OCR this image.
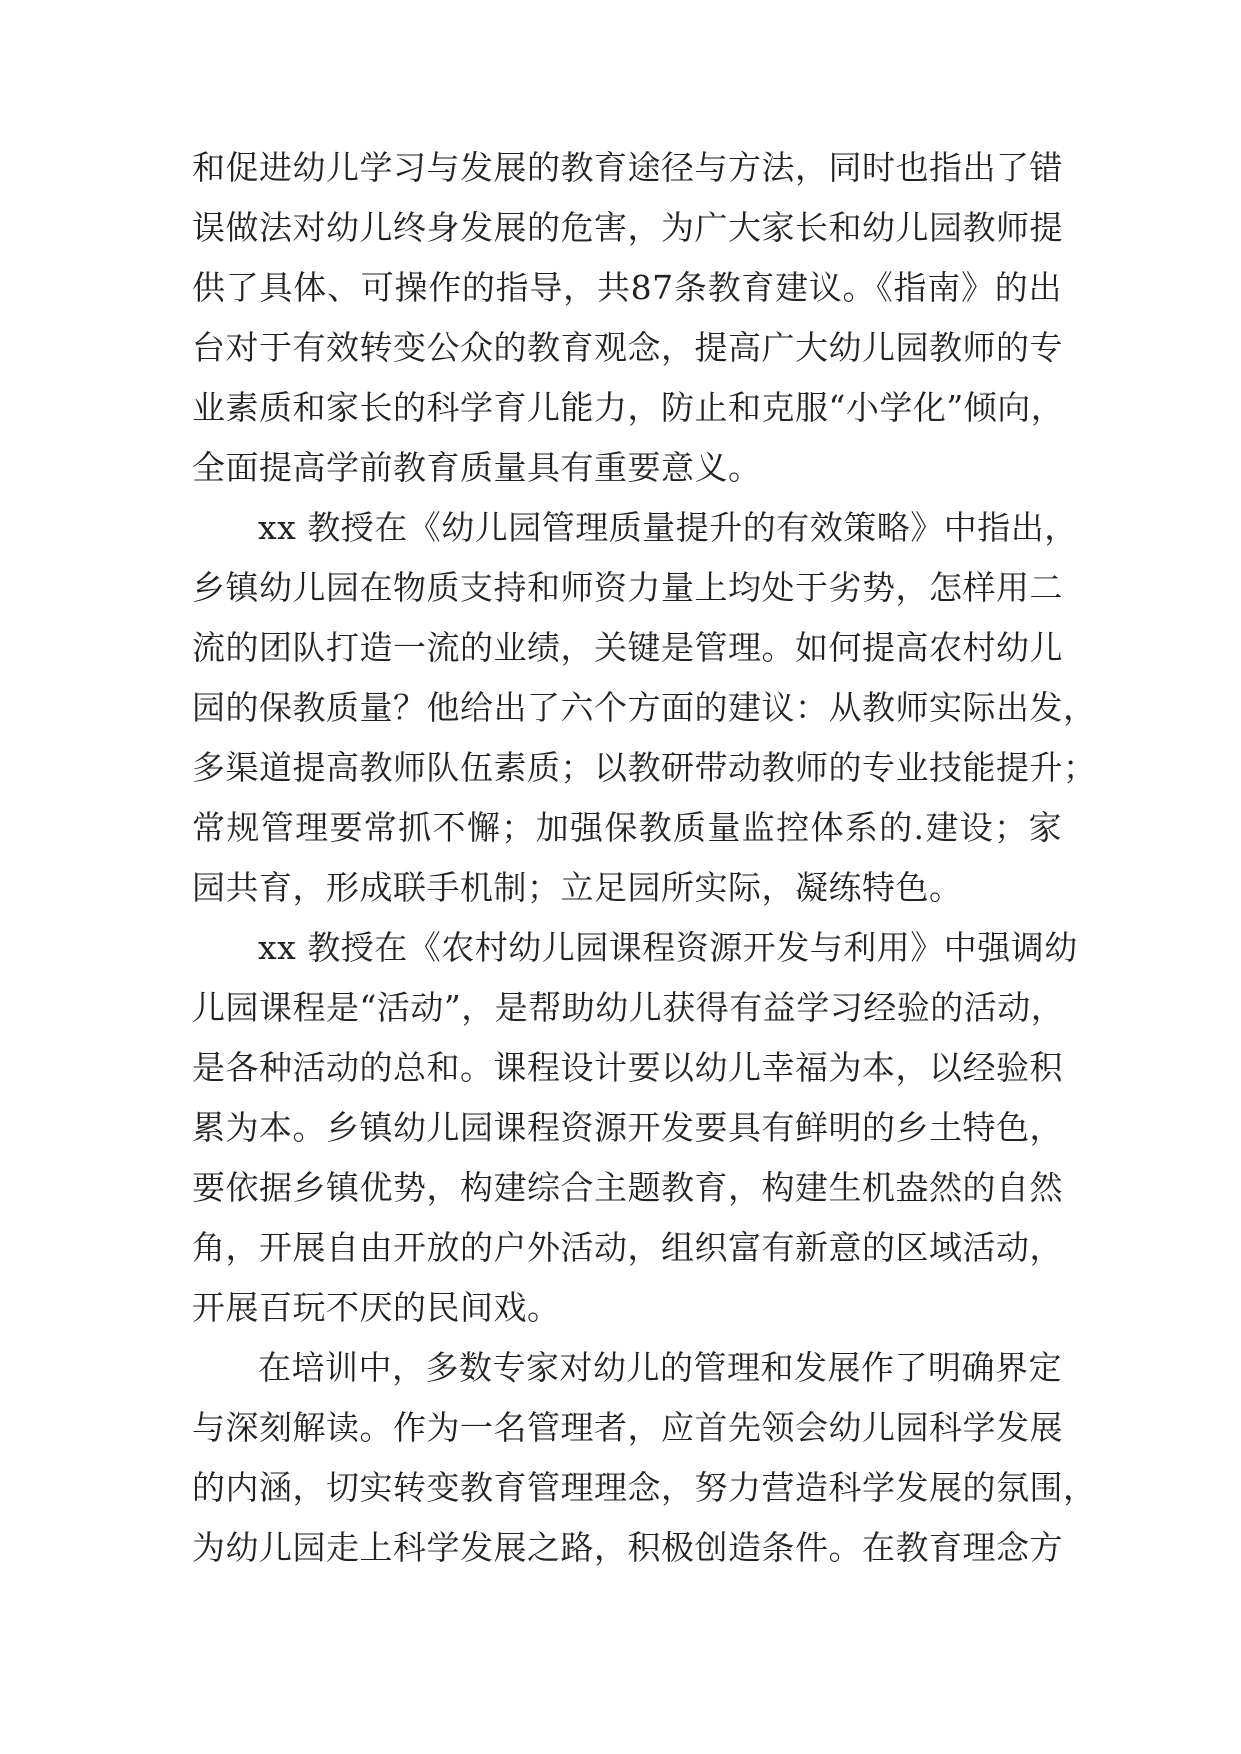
和促进幼儿学习与发展的教育途径与方法，同时也指出了错
误做法对幼儿终身发展的危害，为广大家长和幼儿园教师提
供了具体、可操作的指导，共87条教育建议。《指南》的出
台对于有效转变公众的教育观念，提高广大幼儿园教师的专
业素质和家长的科学育儿能力，防止和克服“小学化”倾向，
全面提高学前教育质量具有重要意义。
xx 教授在《幼儿园管理质量提升的有效策略》中指出，
乡镇幼儿园在物质支持和师资力量上均处于劣势，怎样用二
流的团队打造一流的业绩，关键是管理。如何提高农村幼儿
园的保教质量？他给出了六个方面的建议：从教师实际出发，
多渠道提高教师队伍素质；以教研带动教师的专业技能提升；
常规管理要常抓不懈；加强保教质量监控体系的.建设；家
园共育，形成联手机制；立足园所实际，凝练特色。
xx 教授在《农村幼儿园课程资源开发与利用》中强调幼
儿园课程是“活动”，是帮助幼儿获得有益学习经验的活动，
是各种活动的总和。课程设计要以幼儿幸福为本，以经验积
累为本。乡镇幼儿园课程资源开发要具有鲜明的乡土特色，
要依据乡镇优势，构建综合主题教育，构建生机盎然的自然
角，开展自由开放的户外活动，组织富有新意的区域活动，
开展百玩不厌的民间戏。
在培训中，多数专家对幼儿的管理和发展作了明确界定
与深刻解读。作为一名管理者，应首先领会幼儿园科学发展
的内涵，切实转变教育管理理念，努力营造科学发展的氛围，
为幼儿园走上科学发展之路，积极创造条件。在教育理念方
